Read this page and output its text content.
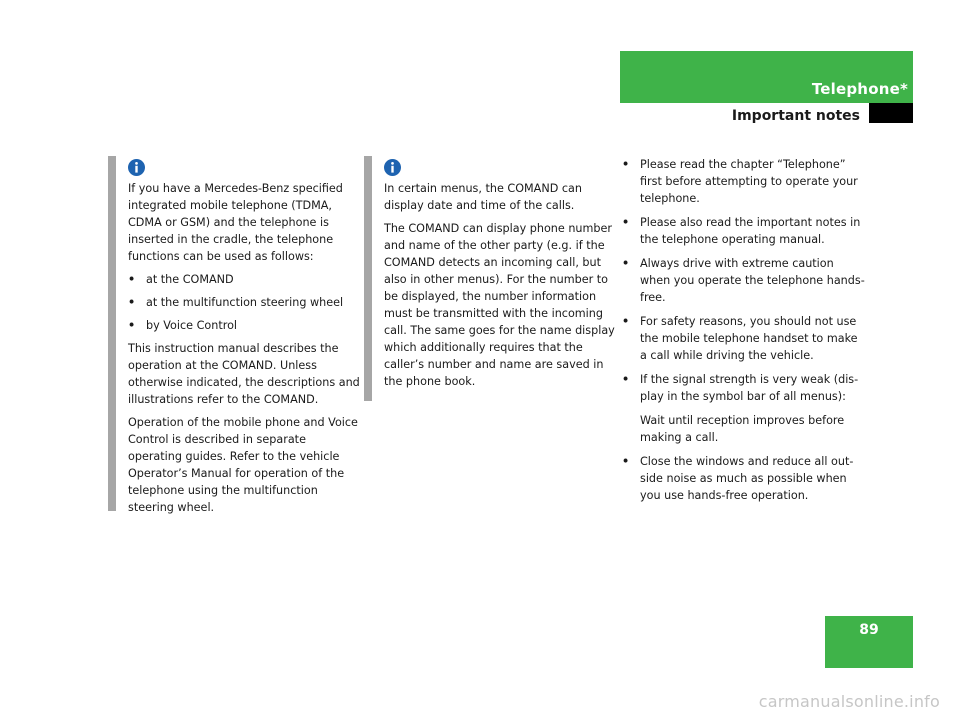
Telephone*

Important notes

If you have a Mercedes-Benz specified integrated mobile telephone (TDMA, CDMA or GSM) and the telephone is inserted in the cradle, the telephone functions can be used as follows:

• at the COMAND

• at the multifunction steering wheel

• by Voice Control

This instruction manual describes the operation at the COMAND. Unless otherwise indicated, the descriptions and illustrations refer to the COMAND.

Operation of the mobile phone and Voice Control is described in separate operating guides. Refer to the vehicle Operator’s Manual for operation of the telephone using the multifunction steering wheel.

In certain menus, the COMAND can display date and time of the calls.

The COMAND can display phone number and name of the other party (e.g. if the COMAND detects an incoming call, but also in other menus). For the number to be displayed, the number information must be transmitted with the incoming call. The same goes for the name display which additionally requires that the caller’s number and name are saved in the phone book.

• Please read the chapter “Telephone” first before attempting to operate your telephone.

• Please also read the important notes in the telephone operating manual.

• Always drive with extreme caution when you operate the telephone hands-free.

• For safety reasons, you should not use the mobile telephone handset to make a call while driving the vehicle.

• If the signal strength is very weak (dis-play in the symbol bar of all menus):

Wait until reception improves before making a call.

• Close the windows and reduce all out-side noise as much as possible when you use hands-free operation.

89

carmanualsonline.info
